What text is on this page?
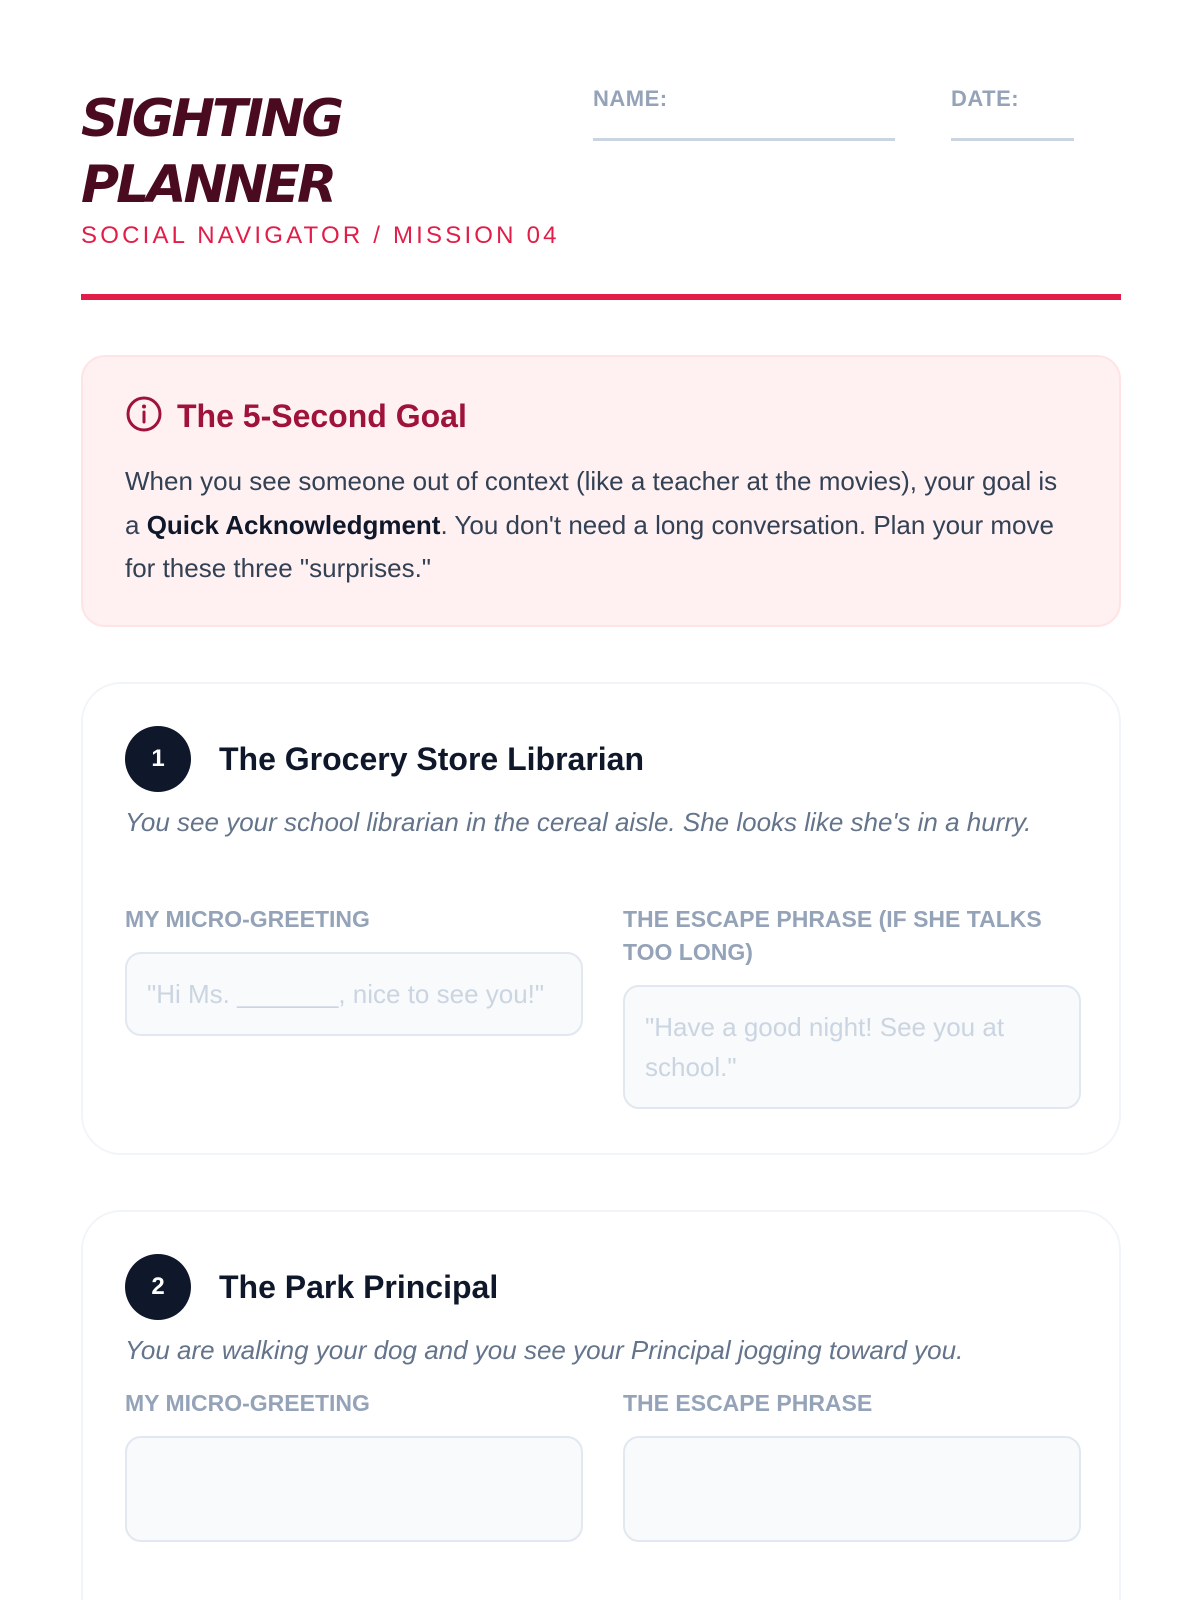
SIGHTING
PLANNER
SOCIAL NAVIGATOR / MISSION 04
NAME:	DATE:
The 5-Second Goal

When you see someone out of context (like a teacher at the movies), your goal is a Quick Acknowledgment. You don't need a long conversation. Plan your move for these three "surprises."

1	The Grocery Store Librarian

You see your school librarian in the cereal aisle. She looks like she's in a hurry.

MY MICRO-GREETING
"Hi Ms. _______, nice to see you!"
THE ESCAPE PHRASE (IF SHE TALKS TOO LONG)
"Have a good night! See you at school."
2	The Park Principal

You are walking your dog and you see your Principal jogging toward you.

MY MICRO-GREETING	THE ESCAPE PHRASE
